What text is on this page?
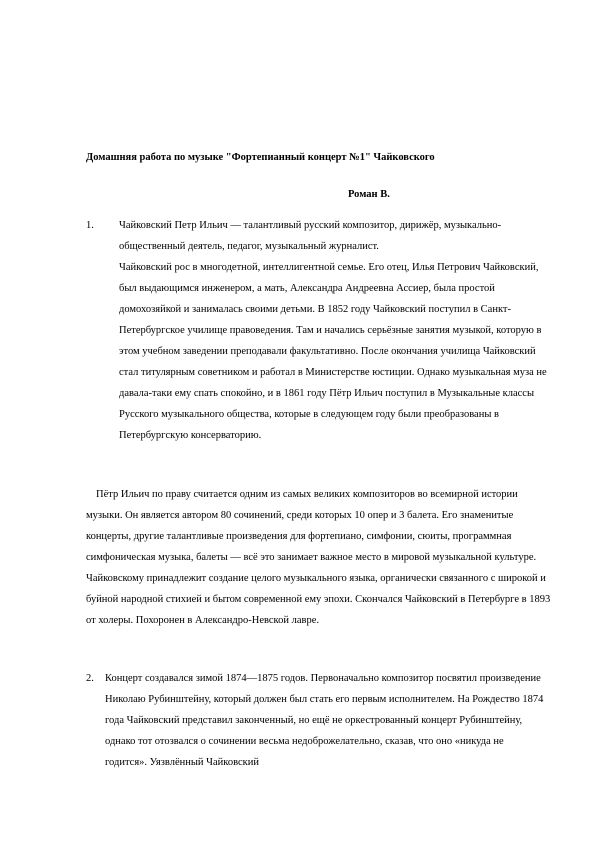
Домашняя работа по музыке "Фортепианный концерт №1" Чайковского

Роман В.

1. Чайковский Петр Ильич — талантливый русский композитор, дирижёр, музыкально-общественный деятель, педагог, музыкальный журналист.
Чайковский рос в многодетной, интеллигентной семье. Его отец, Илья Петрович Чайковский, был выдающимся инженером, а мать, Александра Андреевна Ассиер, была простой домохозяйкой и занималась своими детьми. В 1852 году Чайковский поступил в Санкт-Петербургское училище правоведения. Там и начались серьёзные занятия музыкой, которую в этом учебном заведении преподавали факультативно. После окончания училища Чайковский стал титулярным советником и работал в Министерстве юстиции. Однако музыкальная муза не давала-таки ему спать спокойно, и в 1861 году Пётр Ильич поступил в Музыкальные классы Русского музыкального общества, которые в следующем году были преобразованы в Петербургскую консерваторию.

Пётр Ильич по праву считается одним из самых великих композиторов во всемирной истории музыки. Он является автором 80 сочинений, среди которых 10 опер и 3 балета. Его знаменитые концерты, другие талантливые произведения для фортепиано, симфонии, сюиты, программная симфоническая музыка, балеты — всё это занимает важное место в мировой музыкальной культуре. Чайковскому принадлежит создание целого музыкального языка, органически связанного с широкой и буйной народной стихией и бытом современной ему эпохи. Скончался Чайковский в Петербурге в 1893 от холеры. Похоронен в Александро-Невской лавре.

2. Концерт создавался зимой 1874—1875 годов. Первоначально композитор посвятил произведение Николаю Рубинштейну, который должен был стать его первым исполнителем. На Рождество 1874 года Чайковский представил законченный, но ещё не оркестрованный концерт Рубинштейну, однако тот отозвался о сочинении весьма недоброжелательно, сказав, что оно «никуда не годится». Уязвлённый Чайковский
